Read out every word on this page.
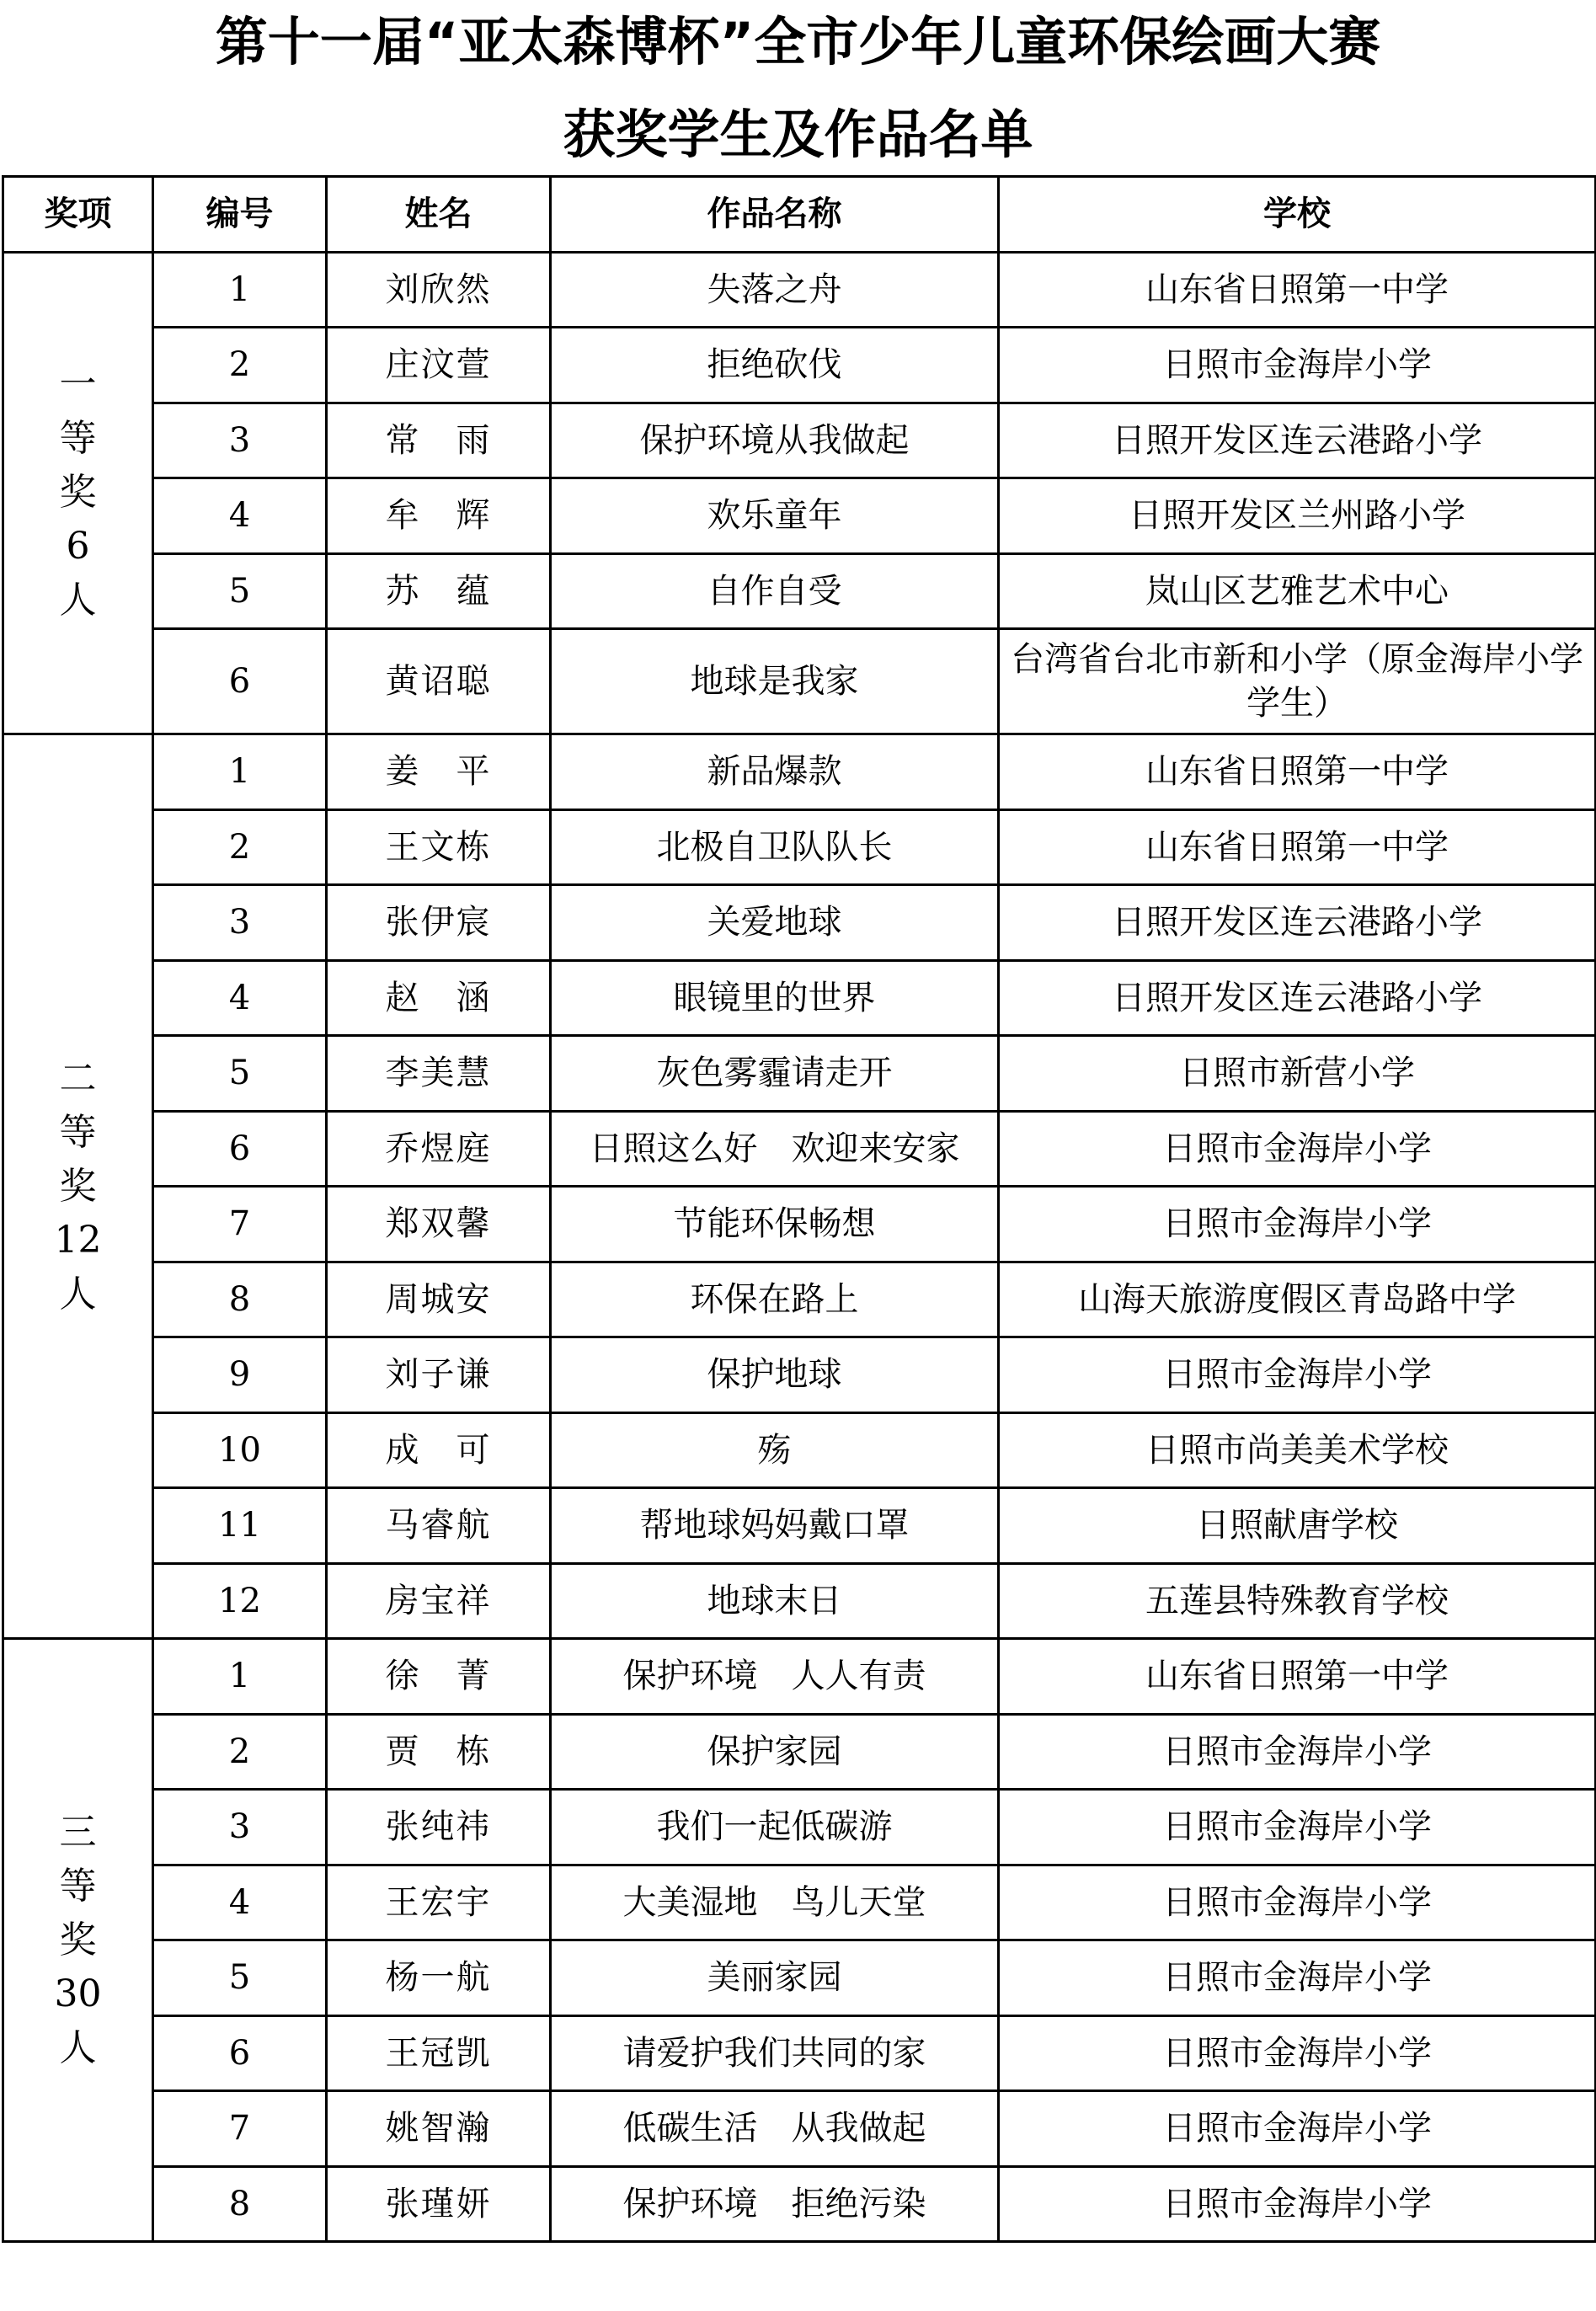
第十一届“亚太森博杯”全市少年儿童环保绘画大赛
获奖学生及作品名单
奖项	编号	姓名	作品名称	学校
一等奖6人	1	刘欣然	失落之舟	山东省日照第一中学
	2	庄汶萱	拒绝砍伐	日照市金海岸小学
	3	常　雨	保护环境从我做起	日照开发区连云港路小学
	4	牟　辉	欢乐童年	日照开发区兰州路小学
	5	苏　蕴	自作自受	岚山区艺雅艺术中心
	6	黄诏聪	地球是我家	台湾省台北市新和小学（原金海岸小学学生）
二等奖12人	1	姜　平	新品爆款	山东省日照第一中学
	2	王文栋	北极自卫队队长	山东省日照第一中学
	3	张伊宸	关爱地球	日照开发区连云港路小学
	4	赵　涵	眼镜里的世界	日照开发区连云港路小学
	5	李美慧	灰色雾霾请走开	日照市新营小学
	6	乔煜庭	日照这么好　欢迎来安家	日照市金海岸小学
	7	郑双馨	节能环保畅想	日照市金海岸小学
	8	周城安	环保在路上	山海天旅游度假区青岛路中学
	9	刘子谦	保护地球	日照市金海岸小学
	10	成　可	殇	日照市尚美美术学校
	11	马睿航	帮地球妈妈戴口罩	日照献唐学校
	12	房宝祥	地球末日	五莲县特殊教育学校
三等奖30人	1	徐　菁	保护环境　人人有责	山东省日照第一中学
	2	贾　栋	保护家园	日照市金海岸小学
	3	张纯祎	我们一起低碳游	日照市金海岸小学
	4	王宏宇	大美湿地　鸟儿天堂	日照市金海岸小学
	5	杨一航	美丽家园	日照市金海岸小学
	6	王冠凯	请爱护我们共同的家	日照市金海岸小学
	7	姚智瀚	低碳生活　从我做起	日照市金海岸小学
	8	张瑾妍	保护环境　拒绝污染	日照市金海岸小学
